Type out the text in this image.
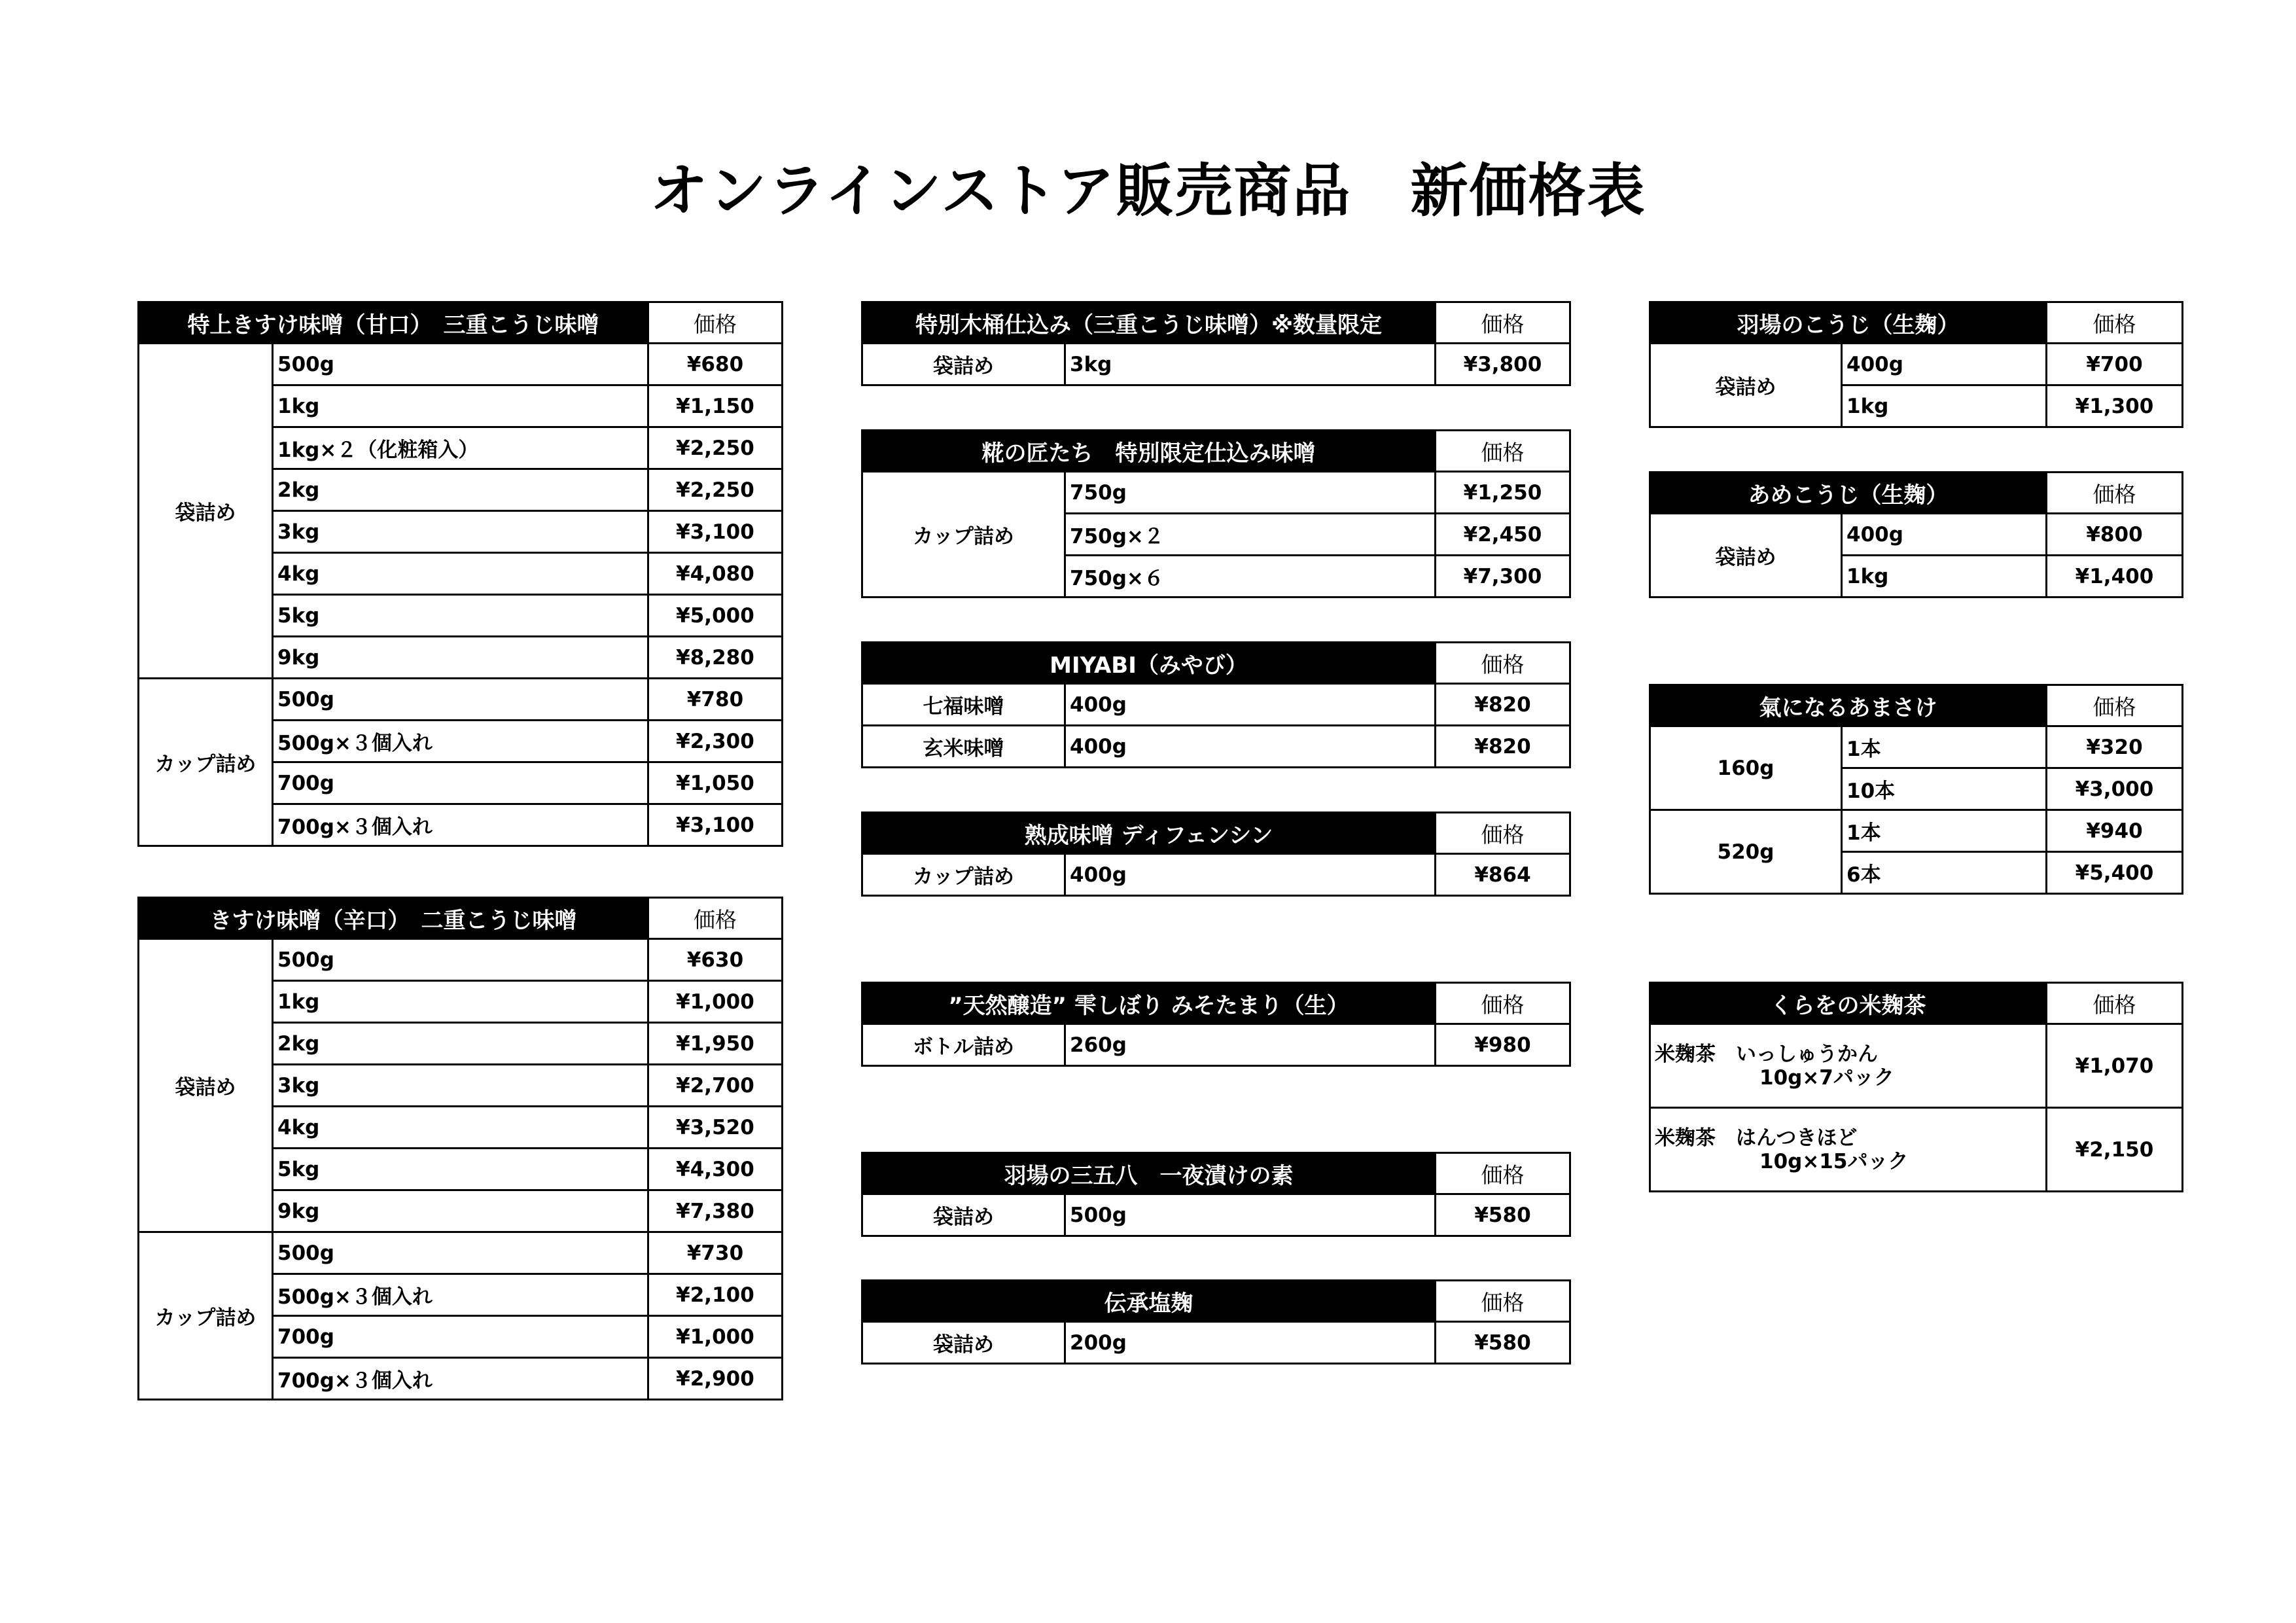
オンラインストア販売商品　新価格表
特上きすけ味噌（甘口）　三重こうじ味噌		価格
袋詰め	500g	¥680
	1kg	¥1,150
	1kg×２（化粧箱入）	¥2,250
	2kg	¥2,250
	3kg	¥3,100
	4kg	¥4,080
	5kg	¥5,000
	9kg	¥8,280
カップ詰め	500g	¥780
	500g×３個入れ	¥2,300
	700g	¥1,050
	700g×３個入れ	¥3,100
きすけ味噌（辛口）　二重こうじ味噌		価格
袋詰め	500g	¥630
	1kg	¥1,000
	2kg	¥1,950
	3kg	¥2,700
	4kg	¥3,520
	5kg	¥4,300
	9kg	¥7,380
カップ詰め	500g	¥730
	500g×３個入れ	¥2,100
	700g	¥1,000
	700g×３個入れ	¥2,900
特別木桶仕込み（三重こうじ味噌）※数量限定		価格
袋詰め	3kg	¥3,800
糀の匠たち　特別限定仕込み味噌		価格
カップ詰め	750g	¥1,250
	750g×２	¥2,450
	750g×６	¥7,300
MIYABI（みやび）		価格
七福味噌	400g	¥820
玄米味噌	400g	¥820
熟成味噌 ディフェンシン		価格
カップ詰め	400g	¥864
”天然醸造” 雫しぼり みそたまり（生）		価格
ボトル詰め	260g	¥980
羽場の三五八　一夜漬けの素		価格
袋詰め	500g	¥580
伝承塩麹		価格
袋詰め	200g	¥580
羽場のこうじ（生麹）		価格
袋詰め	400g	¥700
	1kg	¥1,300
あめこうじ（生麹）		価格
袋詰め	400g	¥800
	1kg	¥1,400
氣になるあまさけ		価格
160g	1本	¥320
	10本	¥3,000
520g	1本	¥940
	6本	¥5,400
くらをの米麹茶	価格
米麹茶　いっしゅうかん
10g×7パック	¥1,070
米麹茶　はんつきほど
10g×15パック	¥2,150
